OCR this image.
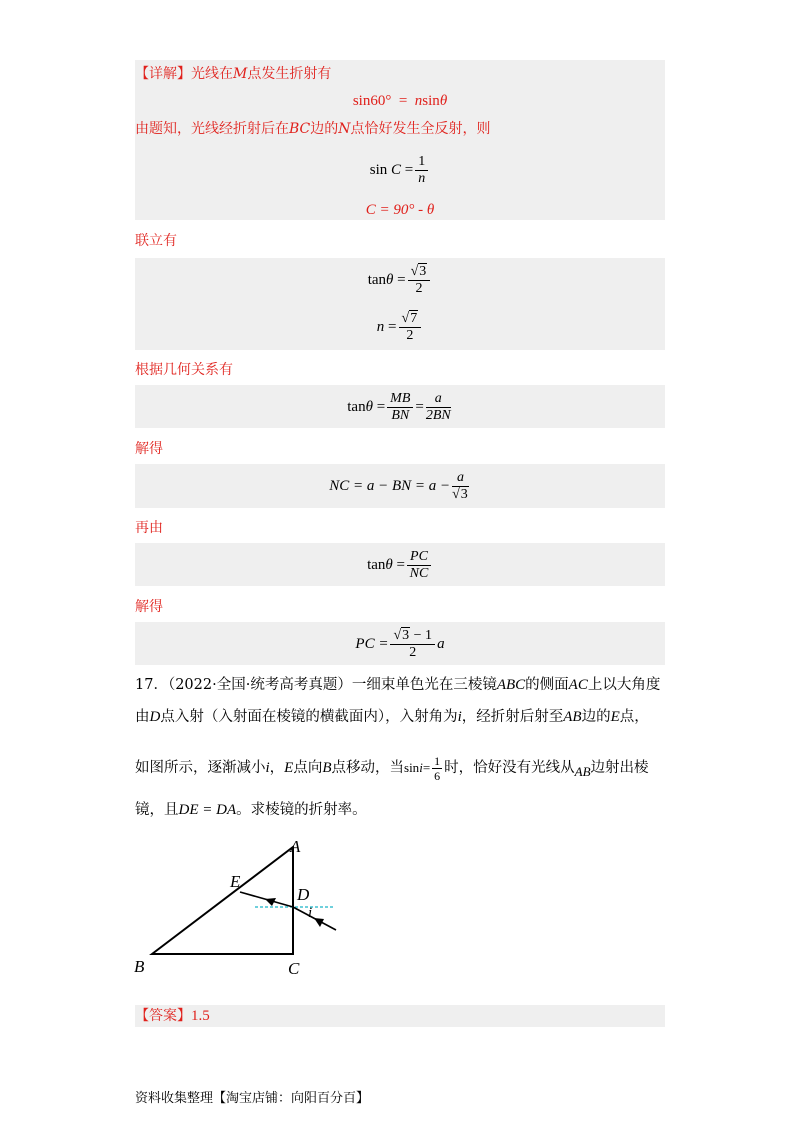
【详解】光线在M点发生折射有
sin60° = nsinθ
由题知，光线经折射后在BC边的N点恰好发生全反射，则
$\sin C = \frac{1}{n}$
C = 90° - θ
联立有
$\tan\theta = \frac{√3}{2}$
$n = \frac{√7}{2}$
根据几何关系有
$\tan\theta = \frac{MB}{BN} = \frac{a}{2BN}$
解得
NC = a − BN = $a - \frac{a}{√3}$
再由
$\tan\theta = \frac{PC}{NC}$
解得
PC = $\frac{√3 - 1}{2}$ a
17．（2022·全国·统考高考真题）一细束单色光在三棱镜ABC的侧面AC上以大角度
由D点入射（入射面在棱镜的横截面内），入射角为i，经折射后射至AB边的E点，
如图所示，逐渐减小i，E点向B点移动，当$\sin i= \frac{1}{6}$ 时，恰好没有光线从AB边射出棱
镜，且DE = DA。求棱镜的折射率。
A
B	C
D
E
i
【答案】1.5
资料收集整理【淘宝店铺：向阳百分百】
